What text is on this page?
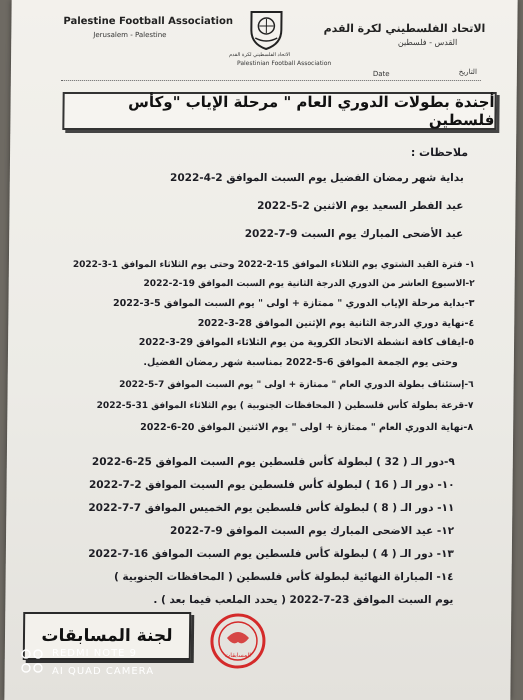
Palestine Football Association
Jerusalem - Palestine	الاتحاد الفلسطيني لكرة القدم
القدس - فلسطين
الاتحاد الفلسطيني لكرة القدم
Palestinian Football Association
Date	التاريخ
أجندة بطولات الدوري العام " مرحلة الإياب "وكأس فلسطين
ملاحظات :
بداية شهر رمضان الفضيل يوم السبت الموافق 2-4-2022
عيد الفطر السعيد يوم الاثنين 2-5-2022
عيد الأضحى المبارك يوم السبت 9-7-2022
١- فترة القيد الشتوي يوم الثلاثاء الموافق 15-2-2022 وحتى يوم الثلاثاء الموافق 1-3-2022
٢-الاسبوع العاشر من الدوري الدرجة الثانية يوم السبت الموافق 19-2-2022
٣-بداية مرحلة الإياب الدوري " ممتازة + اولى " يوم السبت الموافق 5-3-2022
٤-نهاية دوري الدرجة الثانية يوم الإثنين الموافق 28-3-2022
٥-ايقاف كافة انشطة الاتحاد الكروية من يوم الثلاثاء الموافق 29-3-2022
وحتى يوم الجمعة الموافق 6-5-2022 بمناسبة شهر رمضان الفضيل.
٦-إستئناف بطولة الدوري العام " ممتازة + اولى " يوم السبت الموافق 7-5-2022
٧-قرعة بطولة كأس فلسطين ( المحافظات الجنوبية ) يوم الثلاثاء الموافق 31-5-2022
٨-نهاية الدوري العام " ممتازة + اولى " يوم الاثنين الموافق 20-6-2022
٩-دور الـ ( 32 ) لبطولة كأس فلسطين يوم السبت الموافق 25-6-2022
١٠- دور الـ ( 16 ) لبطولة كأس فلسطين يوم السبت الموافق 2-7-2022
١١- دور الـ ( 8 ) لبطولة كأس فلسطين يوم الخميس الموافق 7-7-2022
١٢- عيد الاضحى المبارك يوم السبت الموافق 9-7-2022
١٣- دور الـ ( 4 ) لبطولة كأس فلسطين يوم السبت الموافق 16-7-2022
١٤- المباراة النهائية لبطولة كأس فلسطين ( المحافظات الجنوبية )
يوم السبت الموافق 23-7-2022 ( يحدد الملعب فيما بعد ) .
لجنة المسابقات
المسابقات
REDMI NOTE 9
AI QUAD CAMERA
